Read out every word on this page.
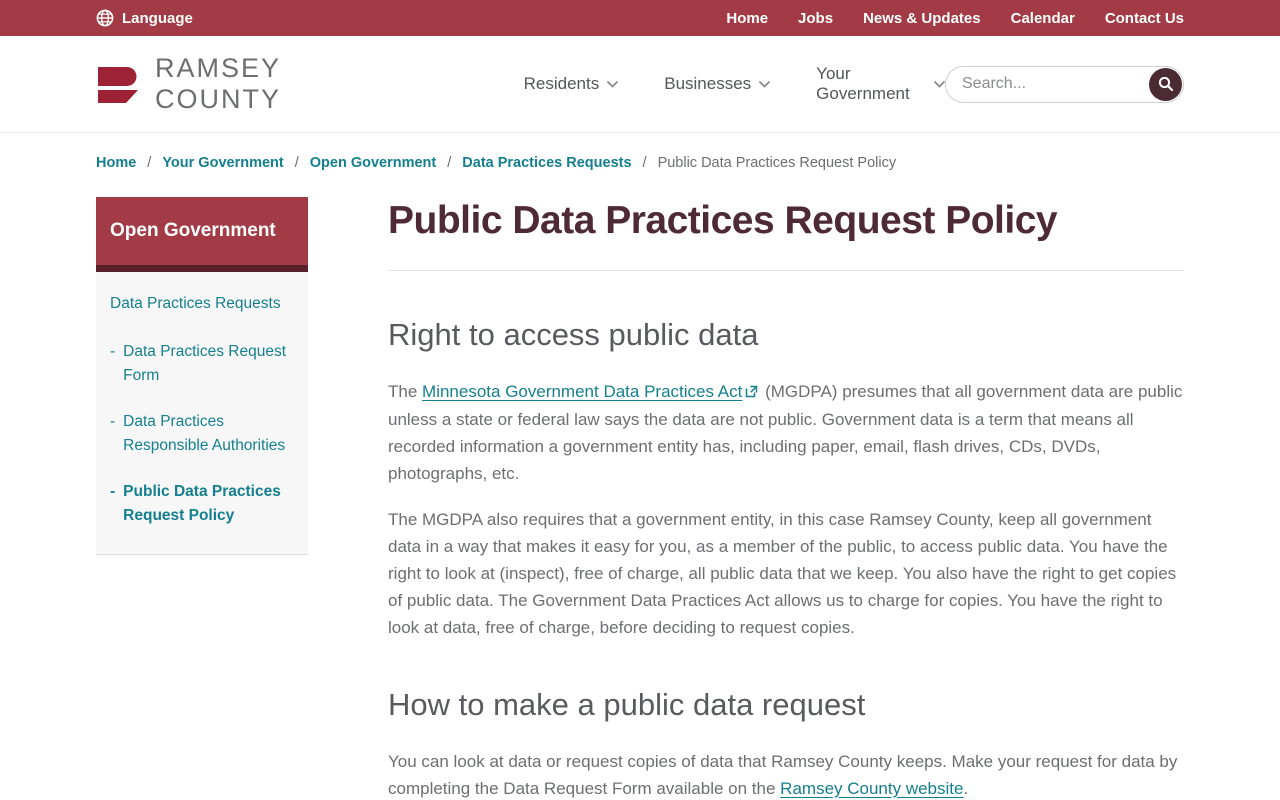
Language	Home Jobs News & Updates Calendar Contact Us
RAMSEY COUNTY
Residents	Businesses
Your Government
Search...
Home / Your Government / Open Government / Data Practices Requests / Public Data Practices Request Policy
Open Government
Data Practices Requests
- Data Practices Request Form
- Data Practices Responsible Authorities
- Public Data Practices Request Policy
Public Data Practices Request Policy
Right to access public data

The Minnesota Government Data Practices Act (MGDPA) presumes that all government data are public unless a state or federal law says the data are not public. Government data is a term that means all recorded information a government entity has, including paper, email, flash drives, CDs, DVDs, photographs, etc.

The MGDPA also requires that a government entity, in this case Ramsey County, keep all government data in a way that makes it easy for you, as a member of the public, to access public data. You have the right to look at (inspect), free of charge, all public data that we keep. You also have the right to get copies of public data. The Government Data Practices Act allows us to charge for copies. You have the right to look at data, free of charge, before deciding to request copies.

How to make a public data request

You can look at data or request copies of data that Ramsey County keeps. Make your request for data by completing the Data Request Form available on the Ramsey County website.
